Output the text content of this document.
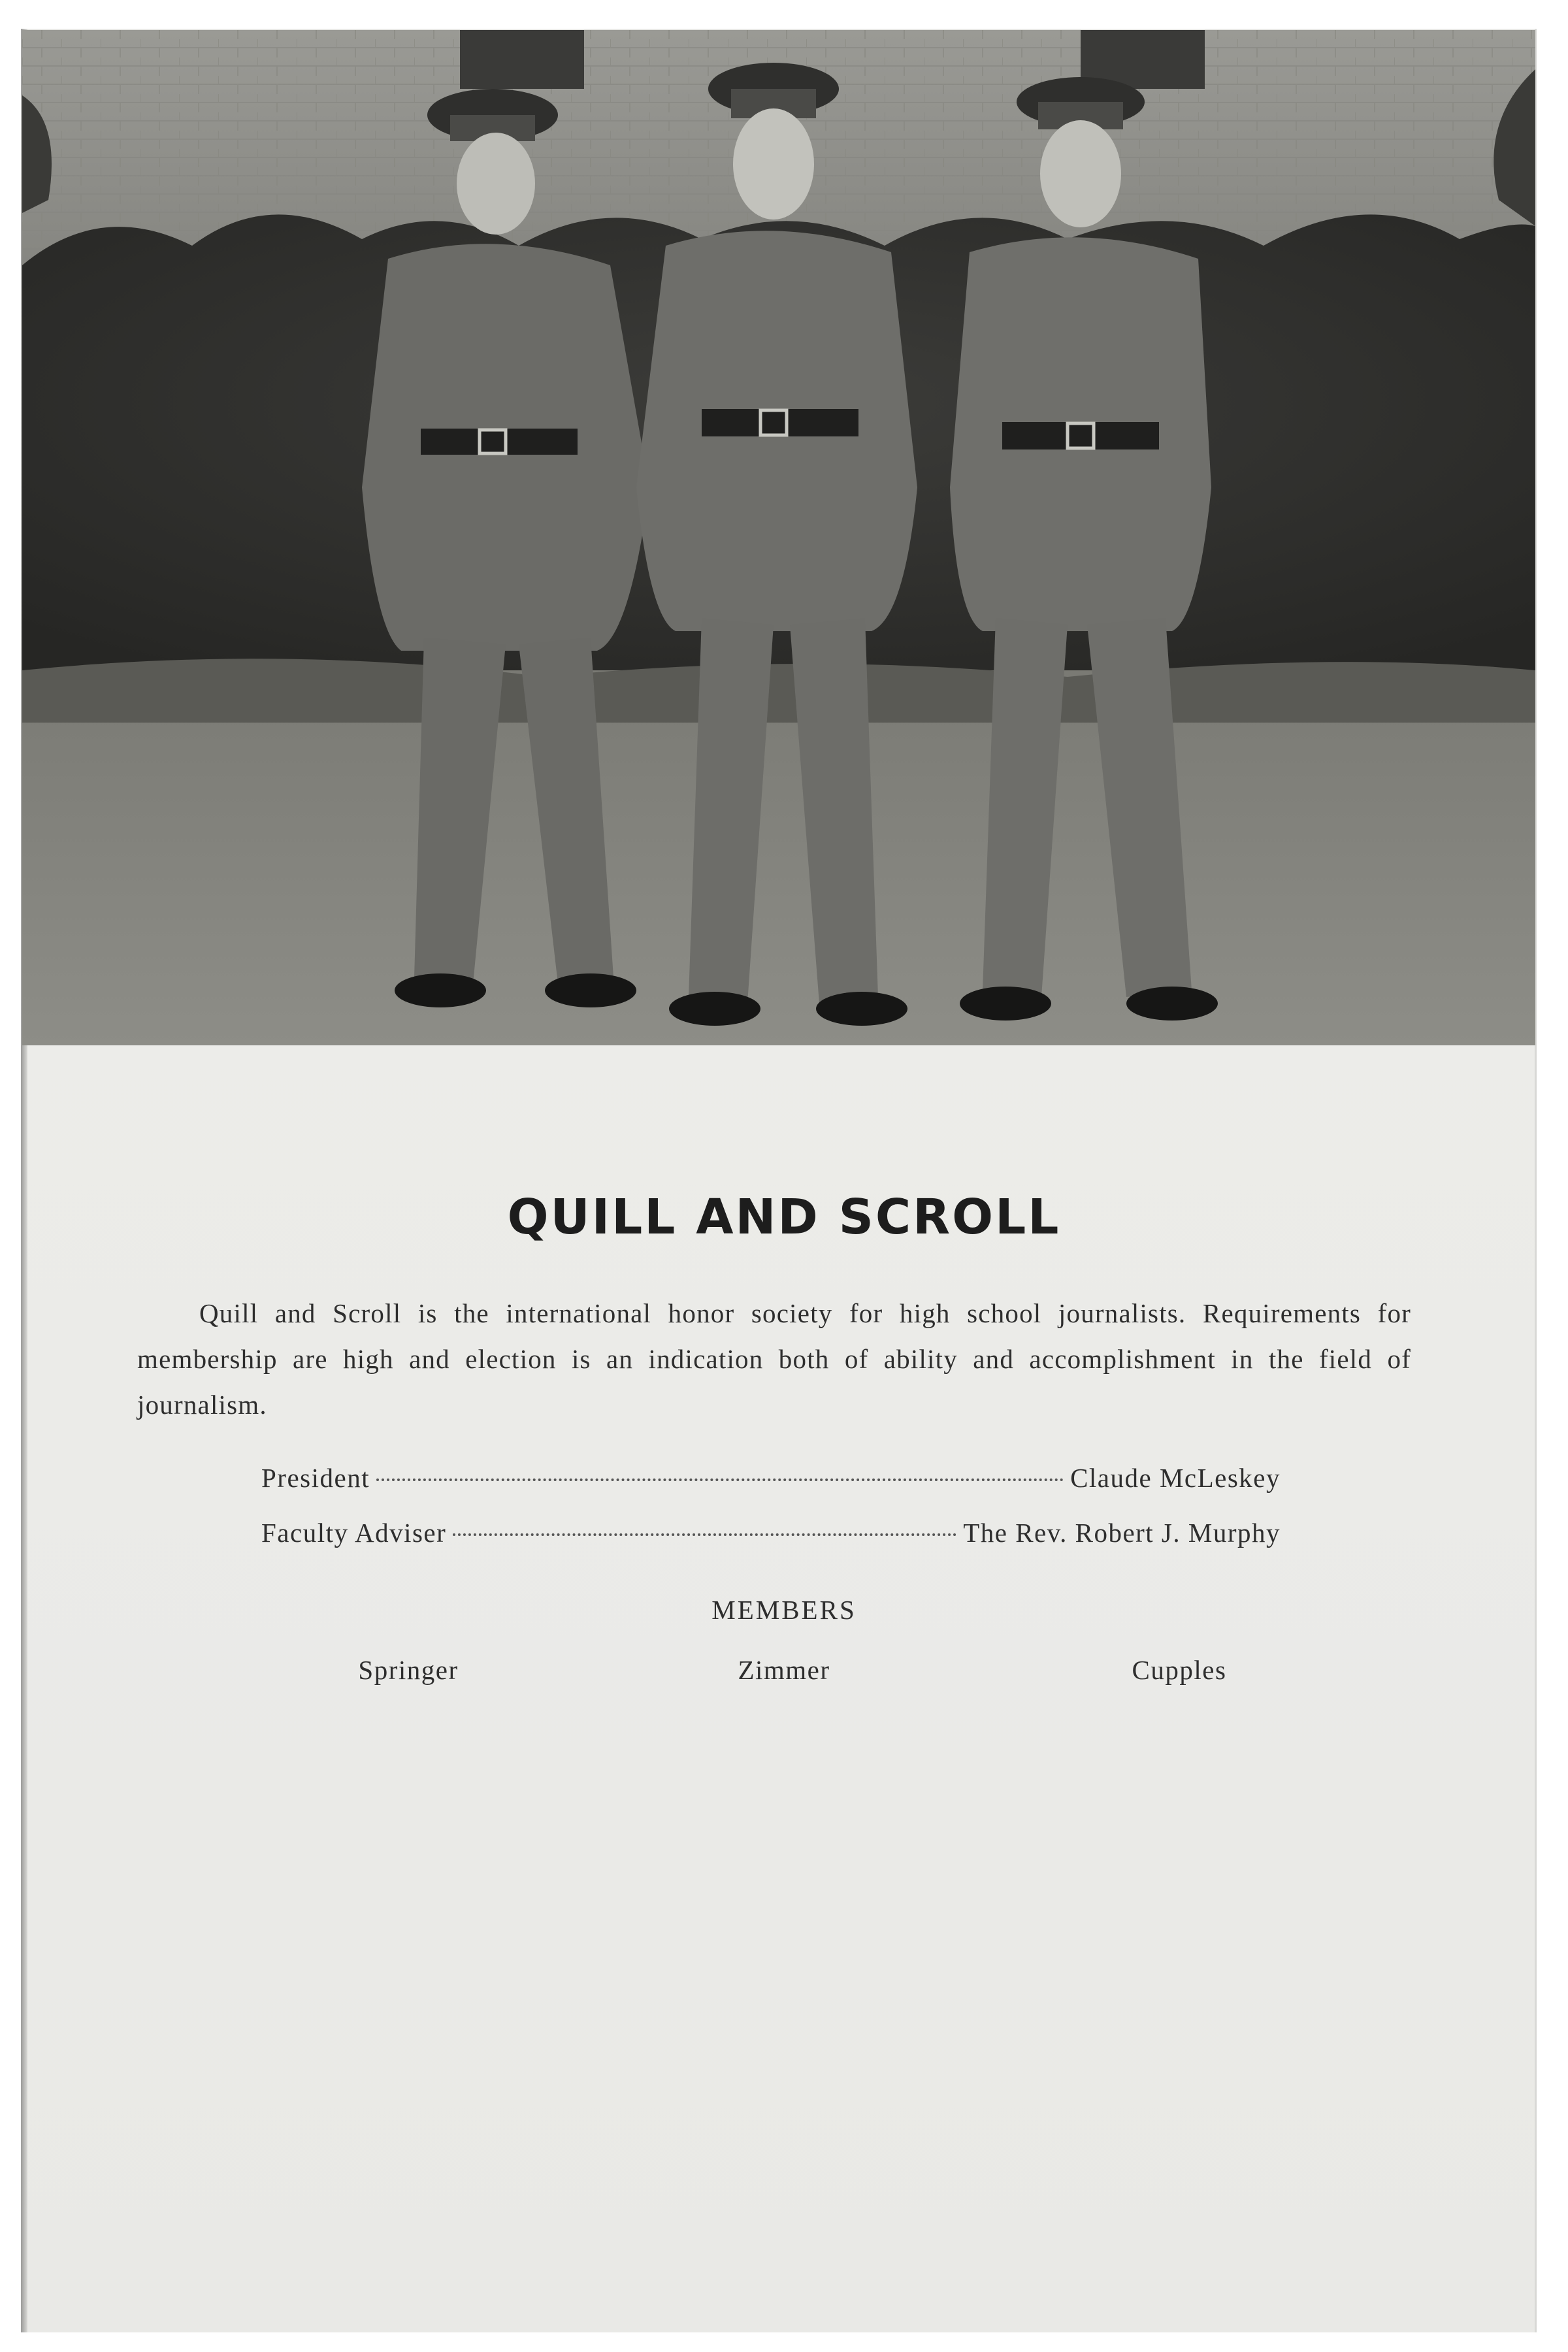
QUILL AND SCROLL
Quill and Scroll is the international honor society for high school journalists. Requirements for membership are high and election is an indication both of ability and accomplishment in the field of journalism.
President	Claude McLeskey
Faculty Adviser	The Rev. Robert J. Murphy
MEMBERS
Springer	Zimmer	Cupples
